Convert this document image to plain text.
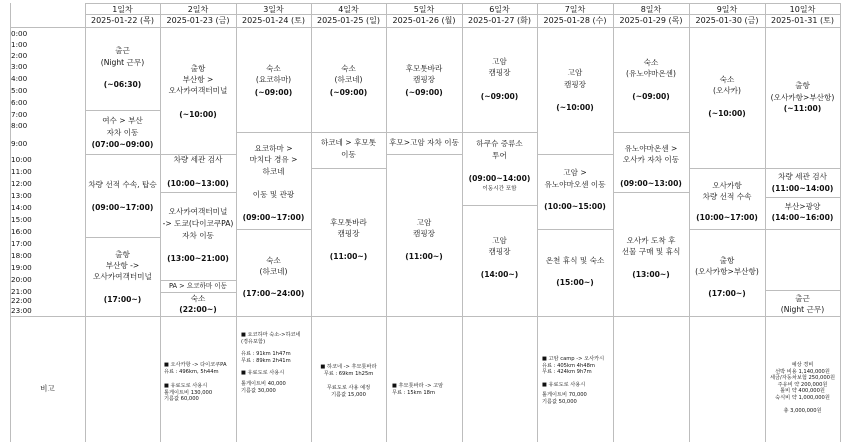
1일차
2025-01-22 (목)
2일차
2025-01-23 (금)
3일차
2025-01-24 (토)
4일차
2025-01-25 (일)
5일차
2025-01-26 (월)
6일차
2025-01-27 (화)
7일차
2025-01-28 (수)
8일차
2025-01-29 (목)
9일차
2025-01-30 (금)
10일차
2025-01-31 (토)
0:00
1:00
2:00
3:00
4:00
5:00
6:00
7:00
8:00
9:00
10:00
11:00
12:00
13:00
14:00
15:00
16:00
17:00
18:00
19:00
20:00
21:00
22:00
23:00
비고
출근
(Night 근무)
(~06:30)
여수 > 부산
자차 이동
(07:00~09:00)
차량 선적 수속, 탑승
(09:00~17:00)
출항
부산항 ->
오사카여객터미널
(17:00~)
출항
부산항 >
오사카여객터미널
(~10:00)
차량 세관 검사
(10:00~13:00)
오사카여객터미널
-> 도쿄(다이코쿠PA)
자차 이동
(13:00~21:00)
PA > 요코하마 이동
숙소
(22:00~)
숙소
(요코하마)
(~09:00)
요코하마 >
마치다 경유 >
하코네
이동 및 관광
(09:00~17:00)
숙소
(하코네)
(17:00~24:00)
숙소
(하코네)
(~09:00)
하코네 > 후모톳
이동
후모톳바라
캠핑장
(11:00~)
후모톳바라
캠핑장
(~09:00)
후모>고암 자차 이동
고암
캠핑장
(11:00~)
고암
캠핑장
(~09:00)
하쿠슈 증류소
투어
(09:00~14:00)
이동시간 포함
고암
캠핑장
(14:00~)
고암
캠핑장
(~10:00)
고암 >
유노야마오센 이동
(10:00~15:00)
온천 휴식 및 숙소
(15:00~)
숙소
(유노야마온센)
(~09:00)
유노야마온센 >
오사카 자차 이동
(09:00~13:00)
오사카 도착 후
선물 구매 및 휴식
(13:00~)
숙소
(오사카)
(~10:00)
오사카항
차량 선적 수속
(10:00~17:00)
출항
(오사카항>부산항)
(17:00~)
출항
(오사카항>부산항)
(~11:00)
차량 세관 검사
(11:00~14:00)
부산>광양
(14:00~16:00)
출근
(Night 근무)
■ 오사카항 -> 다이코쿠PA
유료 : 496km, 5h44m
■ 유료도로 사용시
톨게이트비 130,000
기름값 60,000
■ 요코하마 숙소->하코네
(경유포함)
유료 : 91km 1h47m
무료 : 89km 2h41m
■ 유료도로 사용시
톨게이트비 40,000
기름값 30,000
■ 하코네 -> 후모톳바라
무료 : 69km 1h25m
무료도로 사용 예정
기름값 15,000
■ 후모톳바라 -> 고암
무료 : 15km 18m
■ 고암 camp -> 오사카시
유료 : 405km 4h48m
무료 : 424km 9h7m
■ 유료도로 사용시
톨게이트비 70,000
기름값 50,000
예상 경비
선박 비용 1,140,000원
세금/자동차보험 250,000원
주유비 약 200,000원
톨비 약 400,000원
숙식비 약 1,000,000원
총 3,000,000원
